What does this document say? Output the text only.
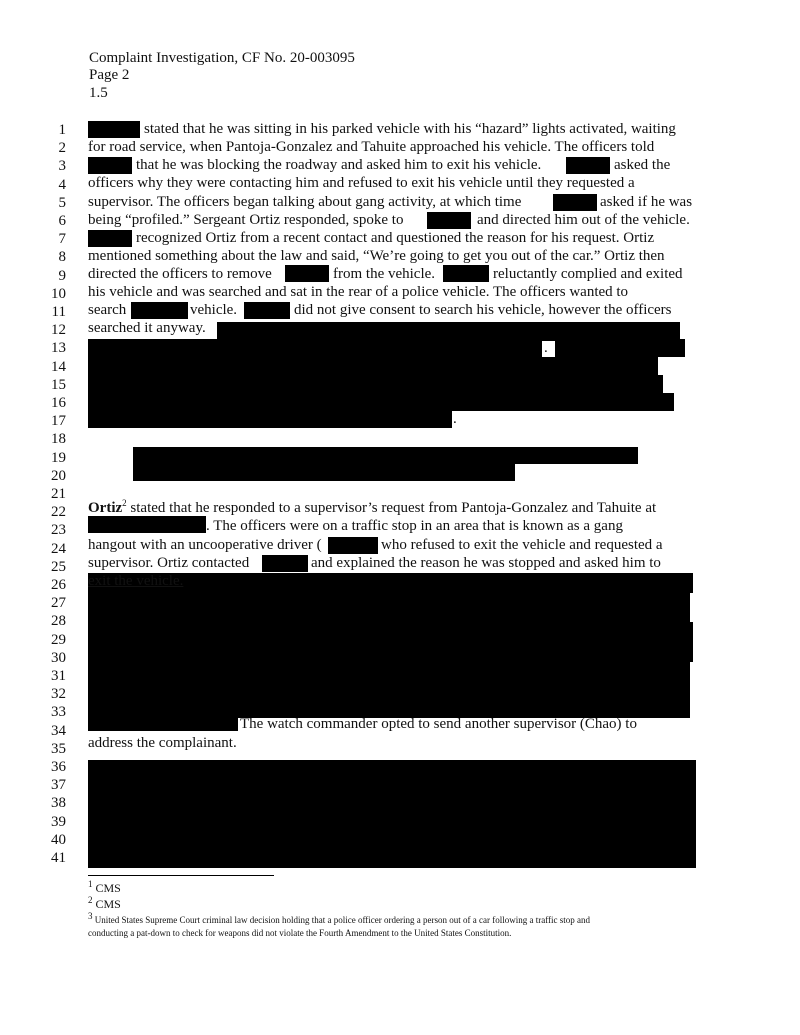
Complaint Investigation, CF No. 20-003095
Page 2
1.5
1
2
3
4
5
6
7
8
9
10
11
12
13
14
15
16
17
18
19
20
21
22
23
24
25
26
27
28
29
30
31
32
33
34
35
36
37
38
39
40
41
stated that he was sitting in his parked vehicle with his “hazard” lights activated, waiting
for road service, when Pantoja-Gonzalez and Tahuite approached his vehicle. The officers told
that he was blocking the roadway and asked him to exit his vehicle.	asked the
officers why they were contacting him and refused to exit his vehicle until they requested a
supervisor. The officers began talking about gang activity, at which time	asked if he was
being “profiled.” Sergeant Ortiz responded, spoke to	and directed him out of the vehicle.
recognized Ortiz from a recent contact and questioned the reason for his request. Ortiz
mentioned something about the law and said, “We’re going to get you out of the car.” Ortiz then
directed the officers to remove	from the vehicle.	reluctantly complied and exited
his vehicle and was searched and sat in the rear of a police vehicle. The officers wanted to
search	vehicle.	did not give consent to search his vehicle, however the officers
searched it anyway.
.
.
Ortiz$^2$ stated that he responded to a supervisor’s request from Pantoja-Gonzalez and Tahuite at
. The officers were on a traffic stop in an area that is known as a gang
hangout with an uncooperative driver (	who refused to exit the vehicle and requested a
supervisor. Ortiz contacted	and explained the reason he was stopped and asked him to
exit the vehicle.
The watch commander opted to send another supervisor (Chao) to
address the complainant.
$^1$ CMS
$^2$ CMS
$^3$ United States Supreme Court criminal law decision holding that a police officer ordering a person out of a car following a traffic stop and
conducting a pat-down to check for weapons did not violate the Fourth Amendment to the United States Constitution.
